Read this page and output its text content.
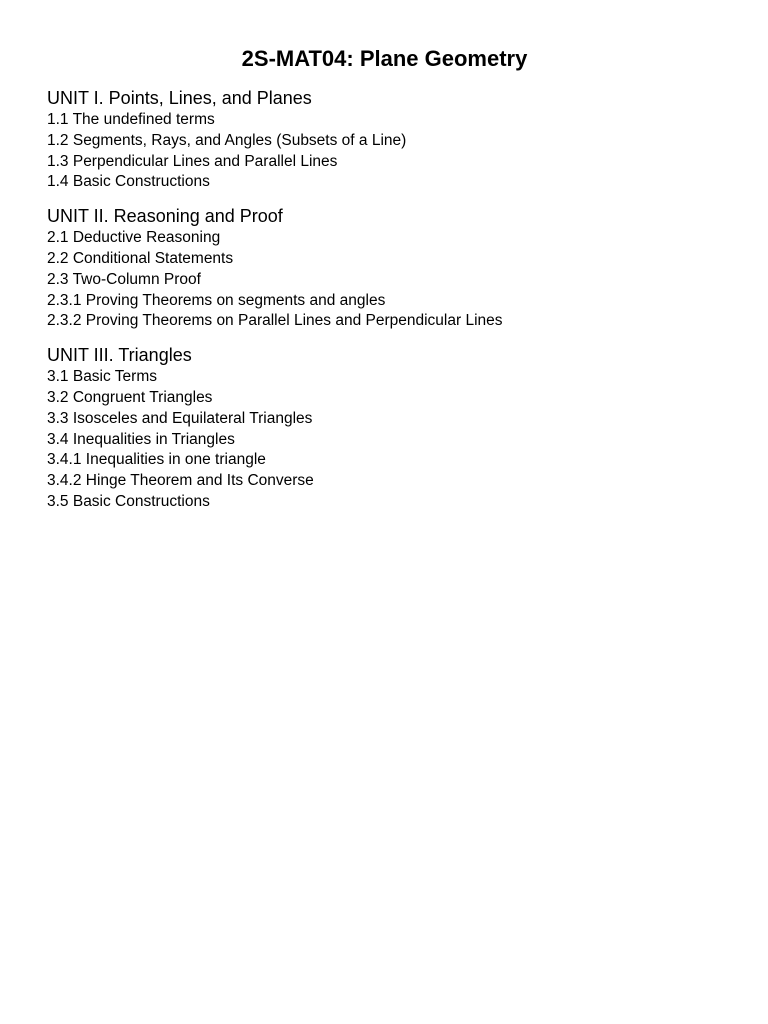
2S-MAT04: Plane Geometry
UNIT I. Points, Lines, and Planes
1.1 The undefined terms
1.2 Segments, Rays, and Angles (Subsets of a Line)
1.3 Perpendicular Lines and Parallel Lines
1.4 Basic Constructions
UNIT II. Reasoning and Proof
2.1 Deductive Reasoning
2.2 Conditional Statements
2.3 Two-Column Proof
2.3.1 Proving Theorems on segments and angles
2.3.2 Proving Theorems on Parallel Lines and Perpendicular Lines
UNIT III. Triangles
3.1 Basic Terms
3.2 Congruent Triangles
3.3 Isosceles and Equilateral Triangles
3.4 Inequalities in Triangles
3.4.1 Inequalities in one triangle
3.4.2 Hinge Theorem and Its Converse
3.5 Basic Constructions
